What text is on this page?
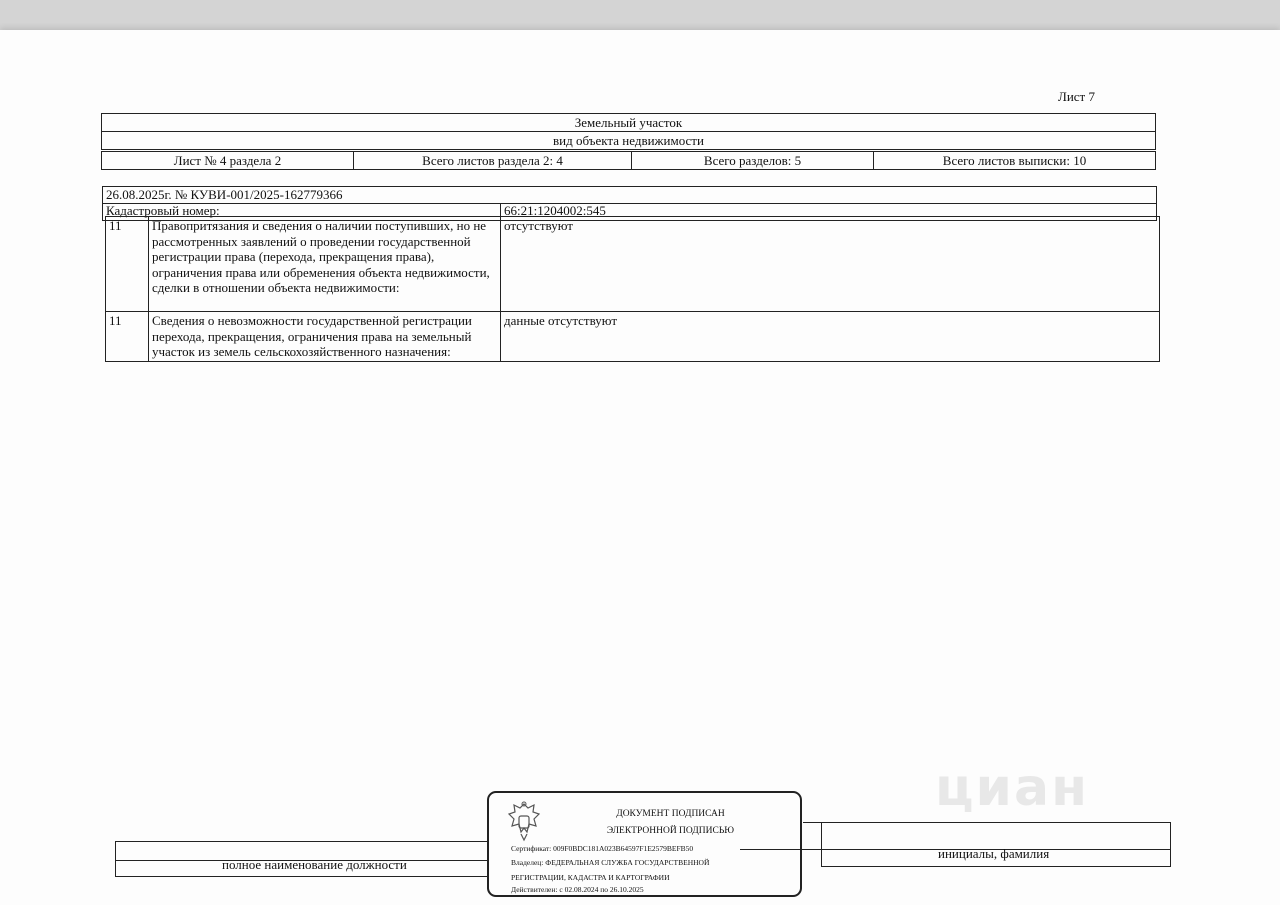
Лист 7
Земельный участок
вид объекта недвижимости
Лист № 4 раздела 2	Всего листов раздела 2: 4	Всего разделов: 5	Всего листов выписки: 10
26.08.2025г. № КУВИ-001/2025-162779366
Кадастровый номер:	66:21:1204002:545
11	Правопритязания и сведения о наличии поступивших, но не рассмотренных заявлений о проведении государственной регистрации права (перехода, прекращения права), ограничения права или обременения объекта недвижимости, сделки в отношении объекта недвижимости:	отсутствуют
11	Сведения о невозможности государственной регистрации перехода, прекращения, ограничения права на земельный участок из земель сельскохозяйственного назначения:	данные отсутствуют
полное наименование должности
инициалы, фамилия
ДОКУМЕНТ ПОДПИСАН
ЭЛЕКТРОННОЙ ПОДПИСЬЮ
Сертификат: 009F0BDC181A023B64597F1E2579BEFB50
Владелец: ФЕДЕРАЛЬНАЯ СЛУЖБА ГОСУДАРСТВЕННОЙ
РЕГИСТРАЦИИ, КАДАСТРА И КАРТОГРАФИИ
Действителен: с 02.08.2024 по 26.10.2025
циан
